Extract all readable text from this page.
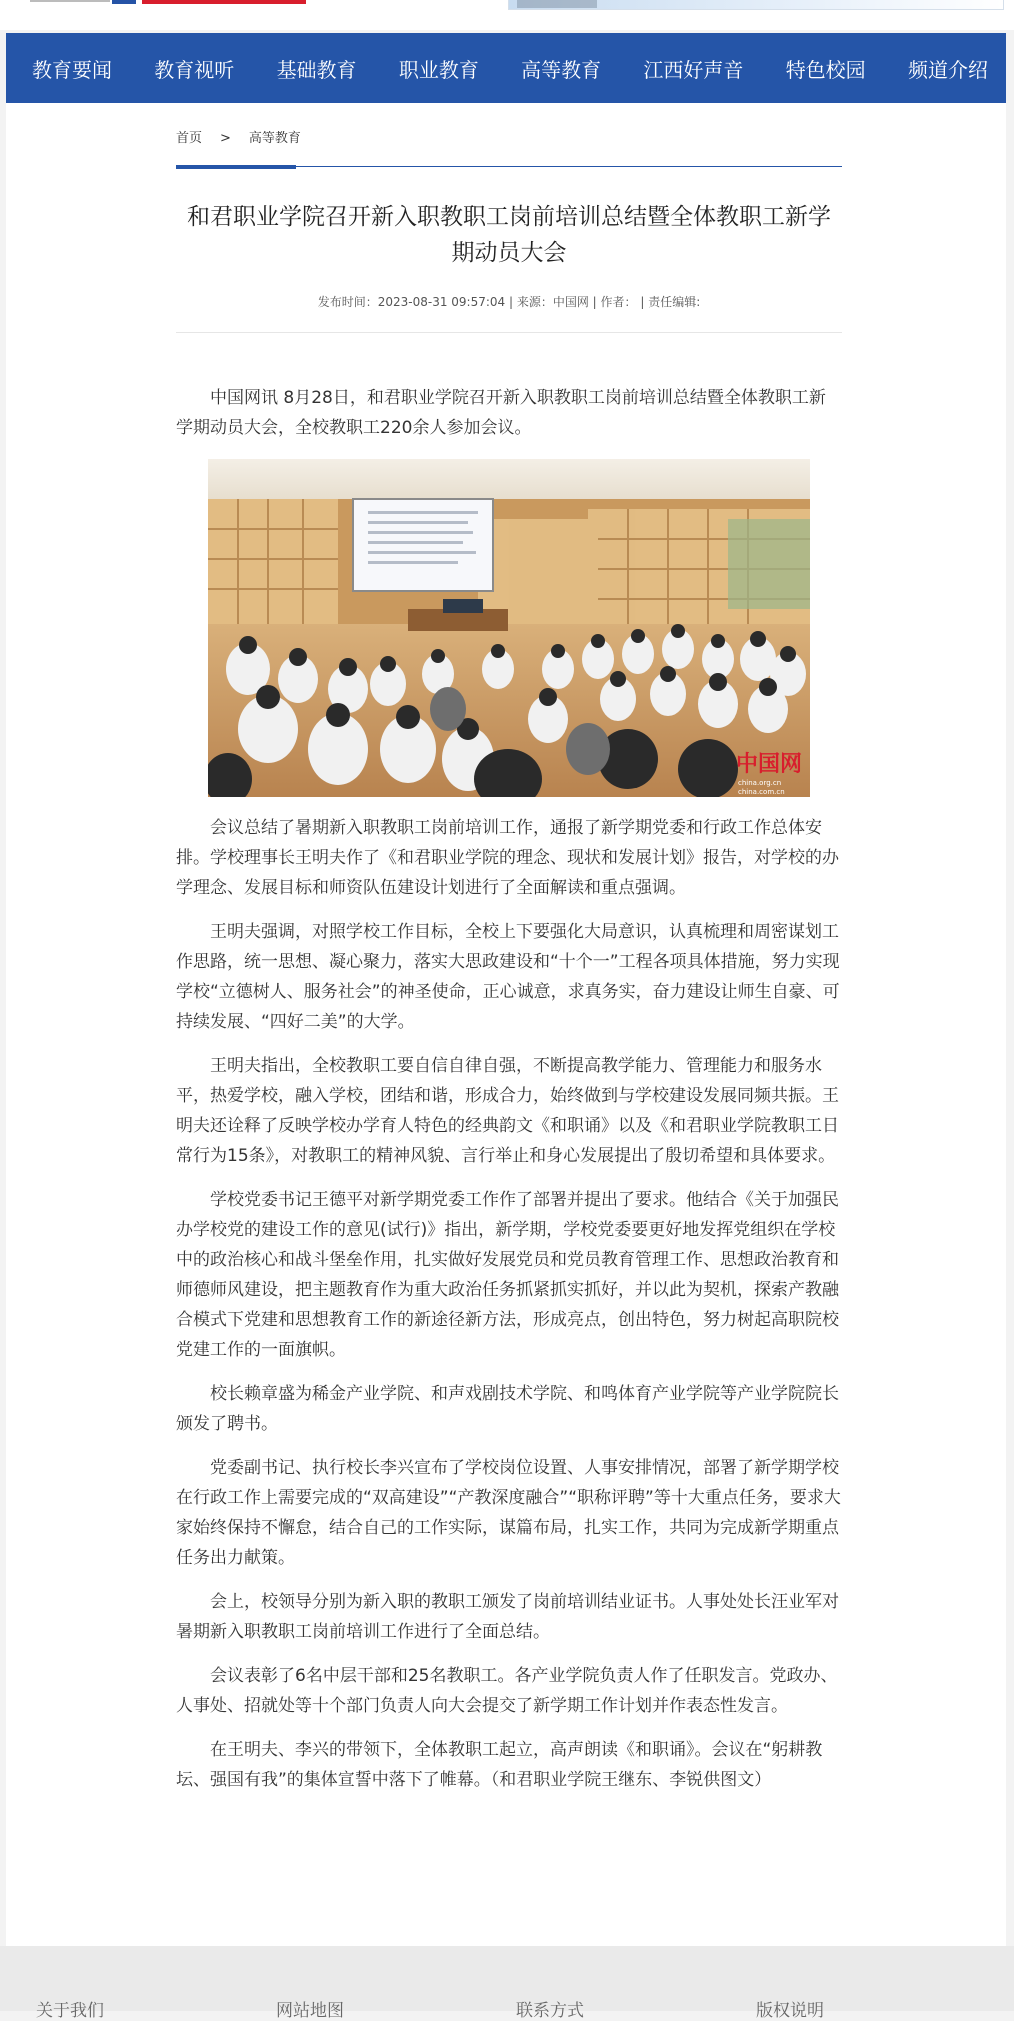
教育要闻 教育视听 基础教育 职业教育 高等教育 江西好声音 特色校园 频道介绍
首页 > 高等教育
和君职业学院召开新入职教职工岗前培训总结暨全体教职工新学期动员大会
发布时间：2023-08-31 09:57:04 | 来源：中国网 | 作者： | 责任编辑:

中国网讯 8月28日，和君职业学院召开新入职教职工岗前培训总结暨全体教职工新学期动员大会，全校教职工220余人参加会议。

中国网
china.org.cn
china.com.cn

会议总结了暑期新入职教职工岗前培训工作，通报了新学期党委和行政工作总体安排。学校理事长王明夫作了《和君职业学院的理念、现状和发展计划》报告，对学校的办学理念、发展目标和师资队伍建设计划进行了全面解读和重点强调。

王明夫强调，对照学校工作目标，全校上下要强化大局意识，认真梳理和周密谋划工作思路，统一思想、凝心聚力，落实大思政建设和“十个一”工程各项具体措施，努力实现学校“立德树人、服务社会”的神圣使命，正心诚意，求真务实，奋力建设让师生自豪、可持续发展、“四好二美”的大学。

王明夫指出，全校教职工要自信自律自强，不断提高教学能力、管理能力和服务水平，热爱学校，融入学校，团结和谐，形成合力，始终做到与学校建设发展同频共振。王明夫还诠释了反映学校办学育人特色的经典韵文《和职诵》以及《和君职业学院教职工日常行为15条》，对教职工的精神风貌、言行举止和身心发展提出了殷切希望和具体要求。

学校党委书记王德平对新学期党委工作作了部署并提出了要求。他结合《关于加强民办学校党的建设工作的意见(试行)》指出，新学期，学校党委要更好地发挥党组织在学校中的政治核心和战斗堡垒作用，扎实做好发展党员和党员教育管理工作、思想政治教育和师德师风建设，把主题教育作为重大政治任务抓紧抓实抓好，并以此为契机，探索产教融合模式下党建和思想教育工作的新途径新方法，形成亮点，创出特色，努力树起高职院校党建工作的一面旗帜。

校长赖章盛为稀金产业学院、和声戏剧技术学院、和鸣体育产业学院等产业学院院长颁发了聘书。

党委副书记、执行校长李兴宣布了学校岗位设置、人事安排情况，部署了新学期学校在行政工作上需要完成的“双高建设”“产教深度融合”“职称评聘”等十大重点任务，要求大家始终保持不懈怠，结合自己的工作实际，谋篇布局，扎实工作，共同为完成新学期重点任务出力献策。

会上，校领导分别为新入职的教职工颁发了岗前培训结业证书。人事处处长汪业军对暑期新入职教职工岗前培训工作进行了全面总结。

会议表彰了6名中层干部和25名教职工。各产业学院负责人作了任职发言。党政办、人事处、招就处等十个部门负责人向大会提交了新学期工作计划并作表态性发言。

在王明夫、李兴的带领下，全体教职工起立，高声朗读《和职诵》。会议在“躬耕教坛、强国有我”的集体宣誓中落下了帷幕。（和君职业学院王继东、李锐供图文）

关于我们	网站地图	联系方式	版权说明
